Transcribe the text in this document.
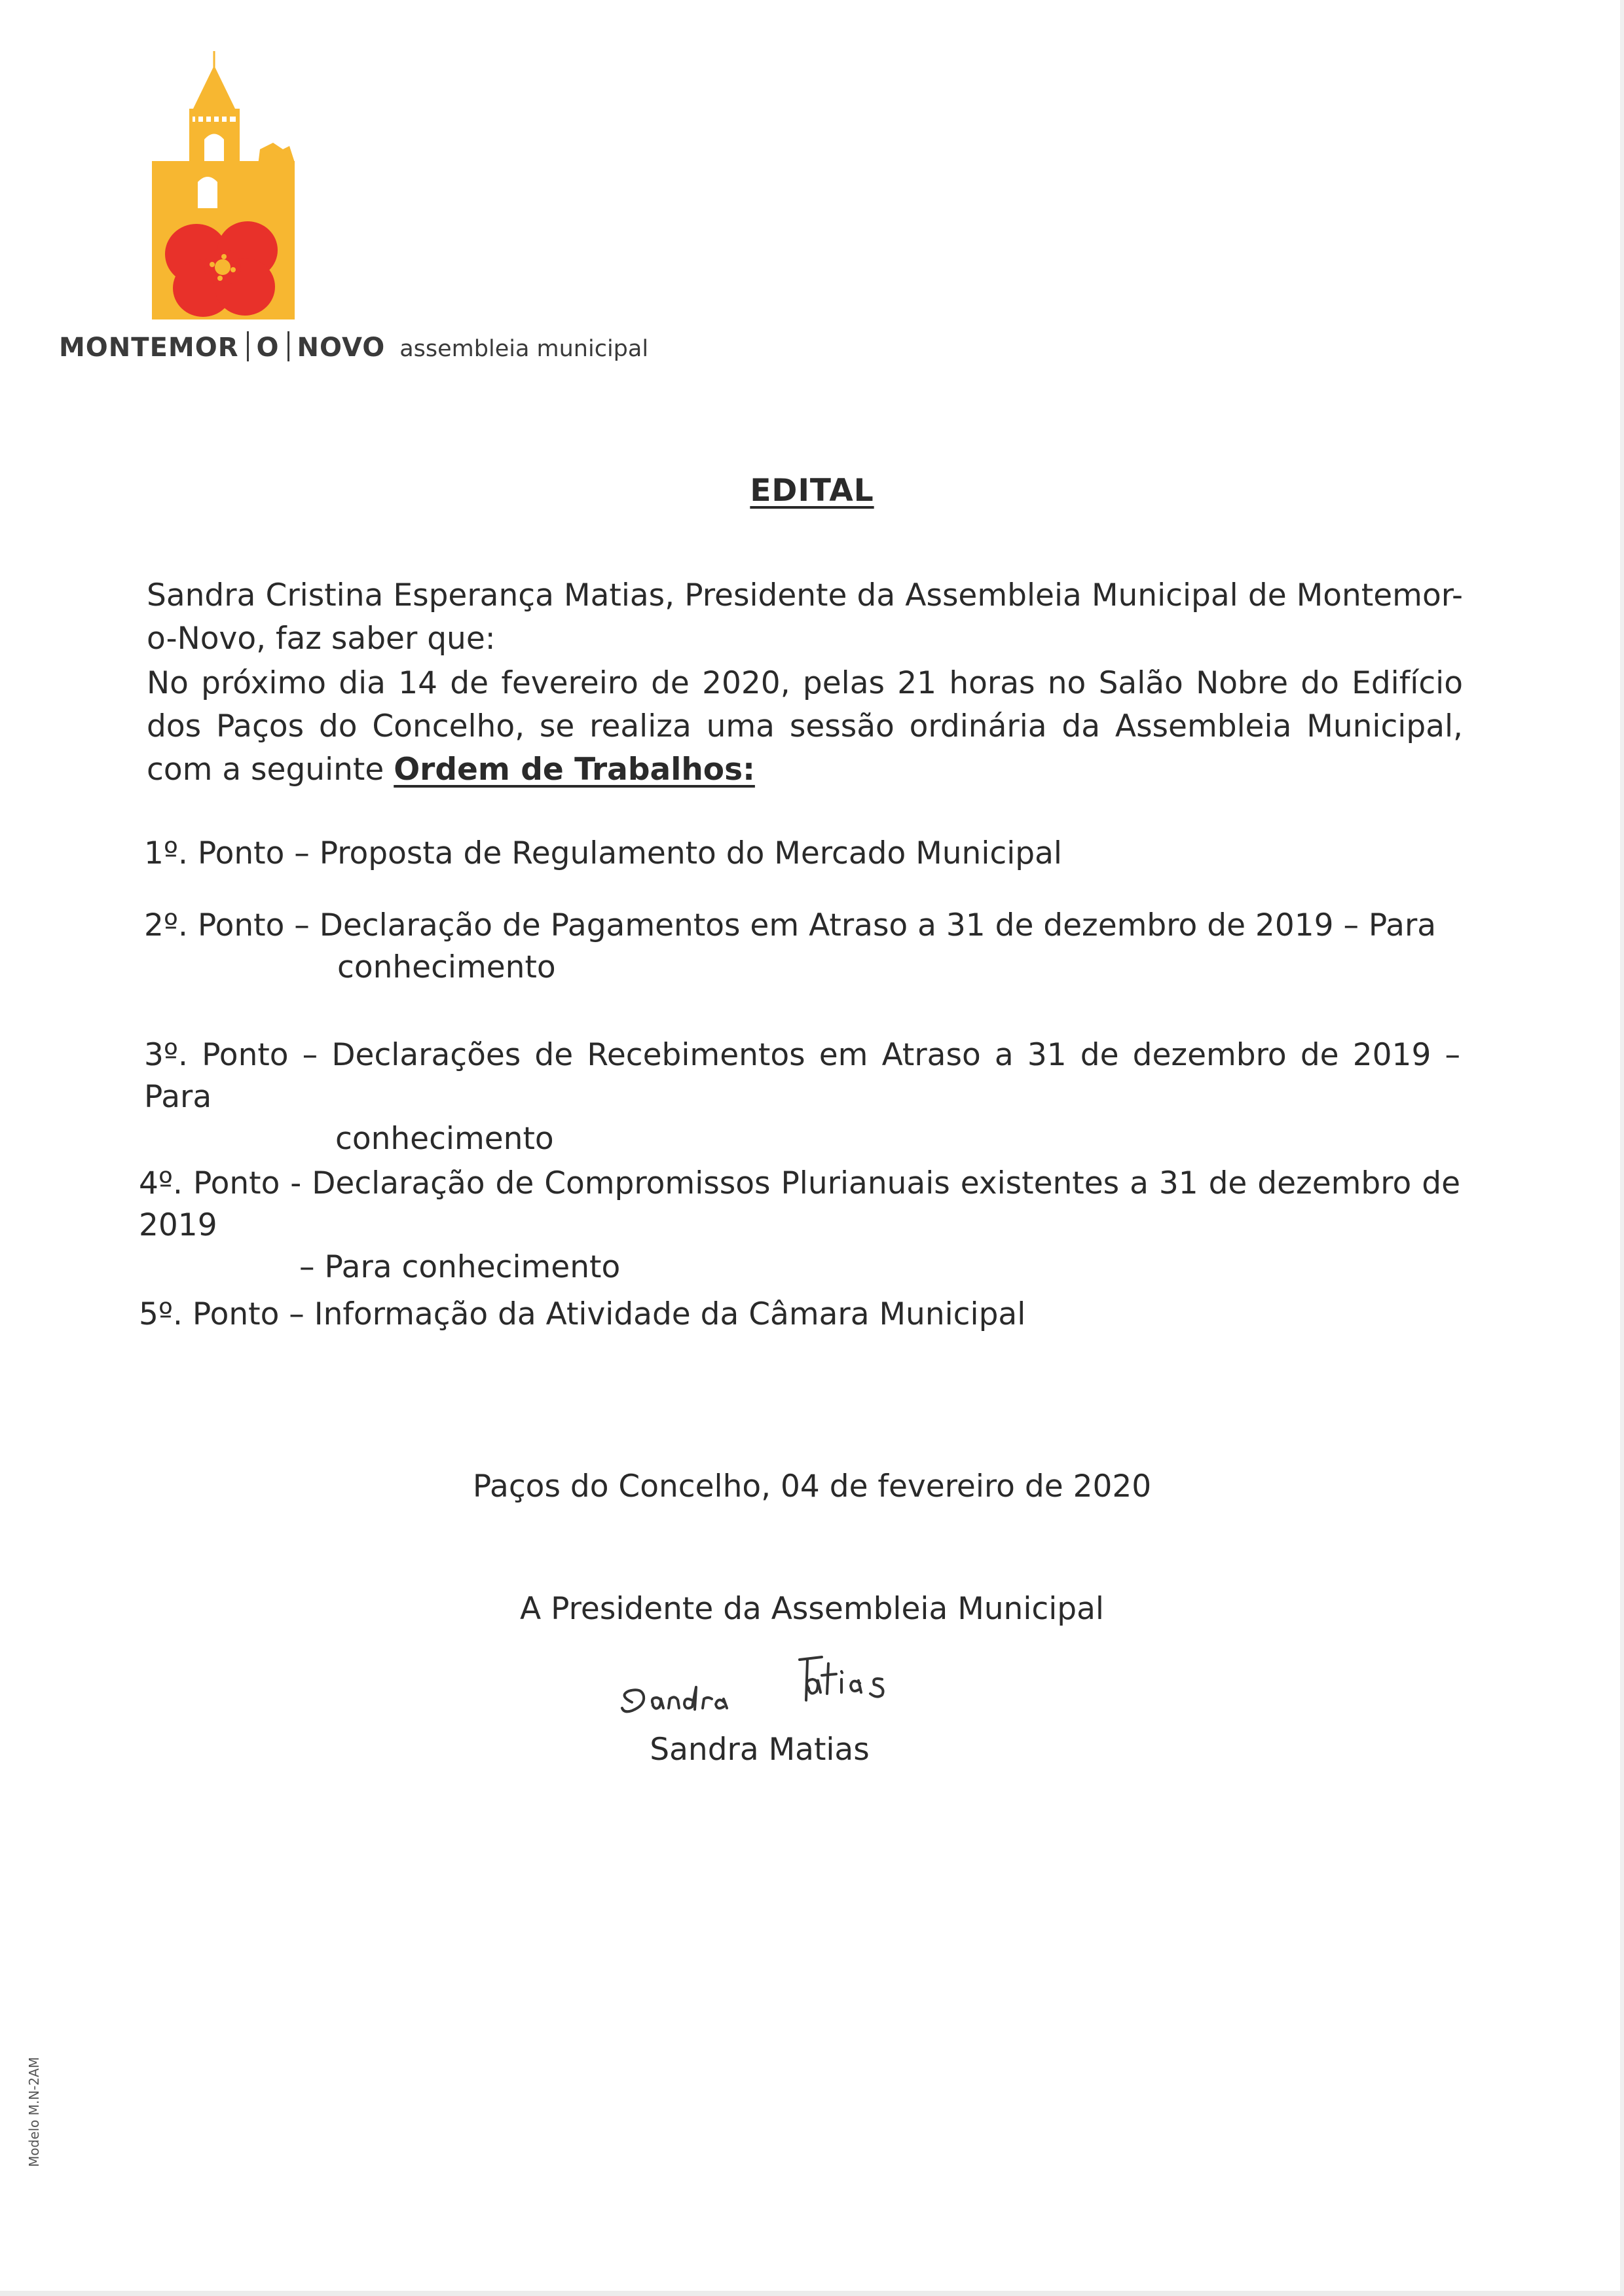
MONTEMOR O NOVO assembleia municipal
EDITAL
Sandra Cristina Esperança Matias, Presidente da Assembleia Municipal de Montemor-o-Novo, faz saber que:
No próximo dia 14 de fevereiro de 2020, pelas 21 horas no Salão Nobre do Edifício dos Paços do Concelho, se realiza uma sessão ordinária da Assembleia Municipal, com a seguinte Ordem de Trabalhos:
1º. Ponto – Proposta de Regulamento do Mercado Municipal
2º. Ponto – Declaração de Pagamentos em Atraso a 31 de dezembro de 2019 – Para
conhecimento
3º. Ponto – Declarações de Recebimentos em Atraso a 31 de dezembro de 2019 – Para
conhecimento
4º. Ponto - Declaração de Compromissos Plurianuais existentes a 31 de dezembro de 2019
– Para conhecimento
5º. Ponto – Informação da Atividade da Câmara Municipal
Paços do Concelho, 04 de fevereiro de 2020
A Presidente da Assembleia Municipal
Sandra Matias
Modelo M.N-2AM
